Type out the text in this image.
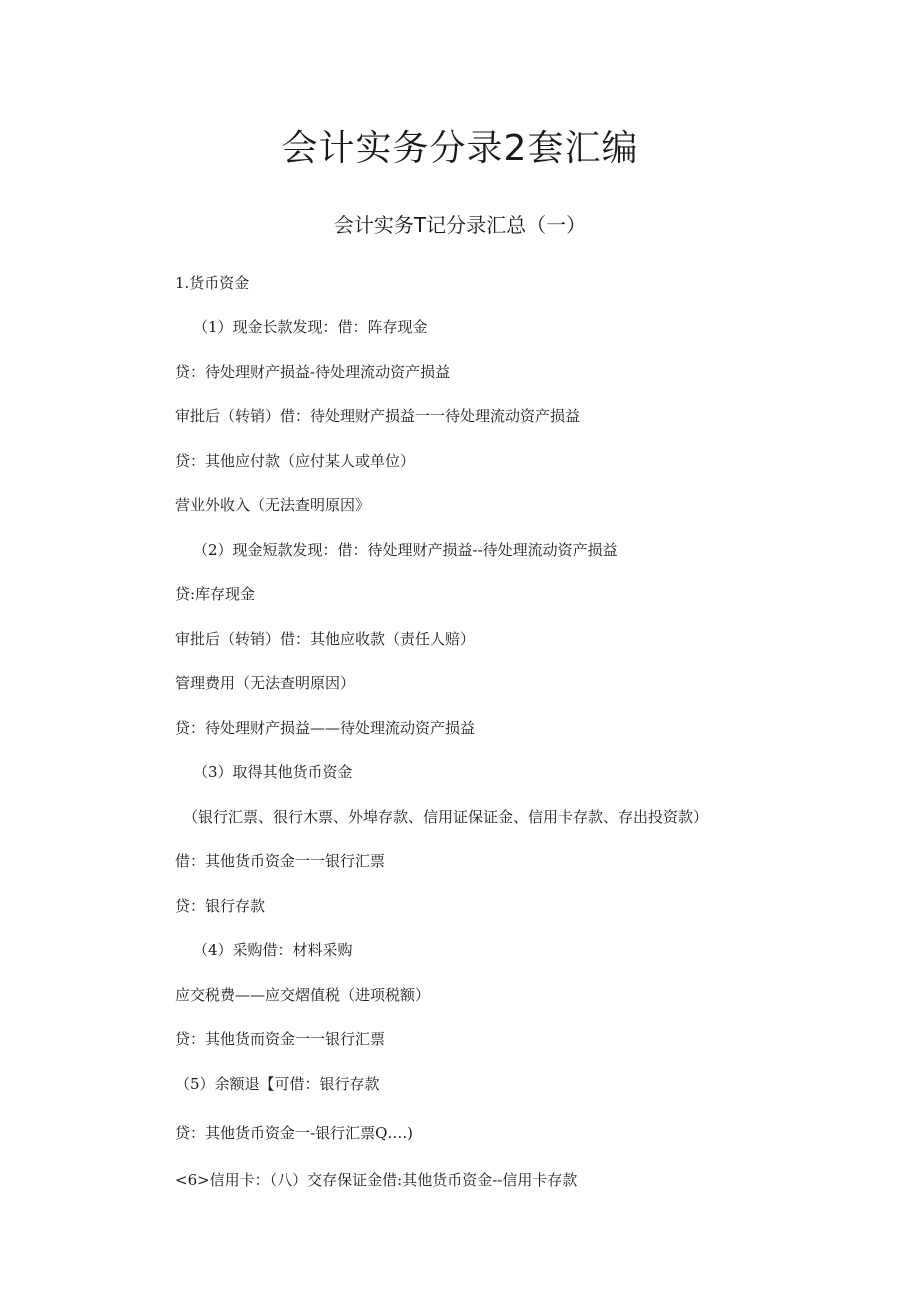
会计实务分录2套汇编
会计实务T记分录汇总（一）
1.货币资金
（1）现金长款发现：借：阵存现金
贷：待处理财产损益-待处理流动资产损益
审批后（转销）借：待处理财产损益一一待处理流动资产损益
贷：其他应付款（应付某人或单位）
营业外收入（无法查明原因》
（2）现金短款发现：借：待处理财产损益--待处理流动资产损益
贷:库存现金
审批后（转销）借：其他应收款（责任人赔）
管理费用（无法查明原因）
贷：待处理财产损益——待处理流动资产损益
（3）取得其他货币资金
（银行汇票、很行木票、外埠存款、信用证保证金、信用卡存款、存出投资款）
借：其他货币资金一一银行汇票
贷：银行存款
（4）采购借：材料采购
应交税费——应交熠值税（进项税额）
贷：其他货而资金一一银行汇票
（5）余额退【可借：银行存款
贷：其他货币资金一-银行汇票Q….)
<6>信用卡：（八）交存保证金借:其他货币资金--信用卡存款
